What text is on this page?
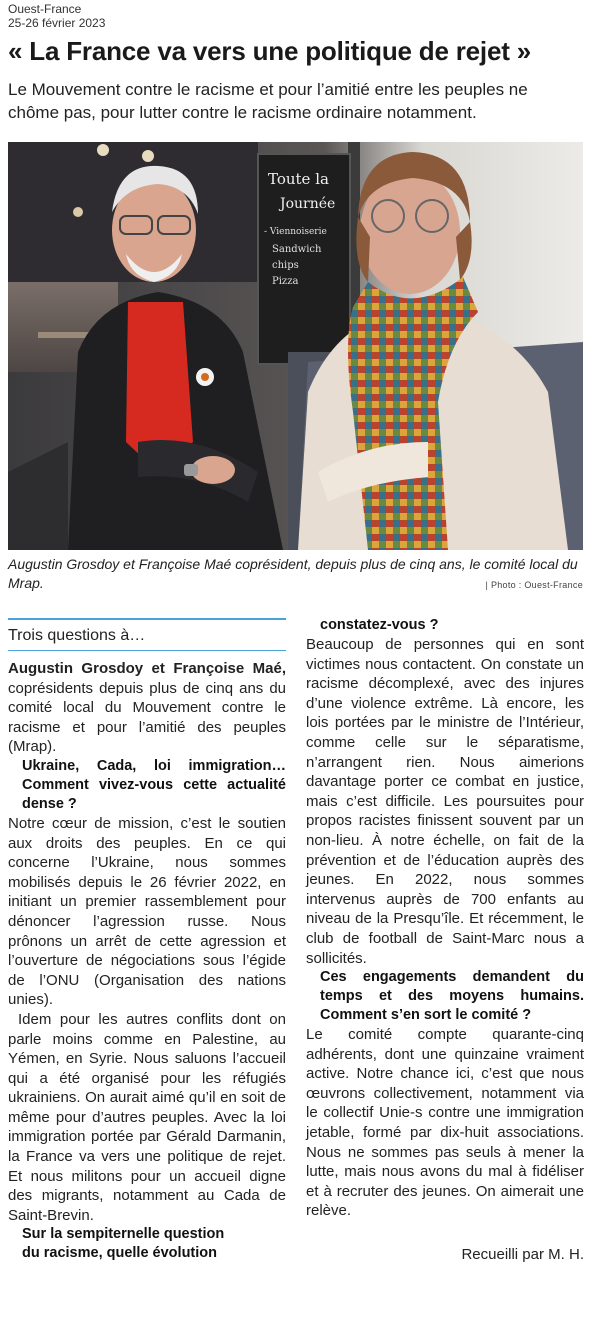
Ouest-France
25-26 février 2023
« La France va vers une politique de rejet »

Le Mouvement contre le racisme et pour l’amitié entre les peuples ne chôme pas, pour lutter contre le racisme ordinaire notamment.

Toute la
Journée
- Viennoiserie
Sandwich
chips
Pizza

Augustin Grosdoy et Françoise Maé coprésident, depuis plus de cinq ans, le comité local du Mrap.	| Photo : Ouest-France
Trois questions à…

Augustin Grosdoy et Françoise Maé, coprésidents depuis plus de cinq ans du comité local du Mouvement contre le racisme et pour l’amitié des peuples (Mrap).

Ukraine, Cada, loi immigration… Comment vivez-vous cette actualité dense ?

Notre cœur de mission, c’est le soutien aux droits des peuples. En ce qui concerne l’Ukraine, nous sommes mobilisés depuis le 26 février 2022, en initiant un premier rassemblement pour dénoncer l’agression russe. Nous prônons un arrêt de cette agression et l’ouverture de négociations sous l’égide de l’ONU (Organisation des nations unies).

Idem pour les autres conflits dont on parle moins comme en Palestine, au Yémen, en Syrie. Nous saluons l’accueil qui a été organisé pour les réfugiés ukrainiens. On aurait aimé qu’il en soit de même pour d’autres peuples. Avec la loi immigration portée par Gérald Darmanin, la France va vers une politique de rejet. Et nous militons pour un accueil digne des migrants, notamment au Cada de Saint-Brevin.

Sur la sempiternelle question
du racisme, quelle évolution

constatez-vous ?

Beaucoup de personnes qui en sont victimes nous contactent. On constate un racisme décomplexé, avec des injures d’une violence extrême. Là encore, les lois portées par le ministre de l’Intérieur, comme celle sur le séparatisme, n’arrangent rien. Nous aimerions davantage porter ce combat en justice, mais c’est difficile. Les poursuites pour propos racistes finissent souvent par un non-lieu. À notre échelle, on fait de la prévention et de l’éducation auprès des jeunes. En 2022, nous sommes intervenus auprès de 700 enfants au niveau de la Presqu’île. Et récemment, le club de football de Saint-Marc nous a sollicités.

Ces engagements demandent du temps et des moyens humains. Comment s’en sort le comité ?

Le comité compte quarante-cinq adhérents, dont une quinzaine vraiment active. Notre chance ici, c’est que nous œuvrons collectivement, notamment via le collectif Unie-s contre une immigration jetable, formé par dix-huit associations. Nous ne sommes pas seuls à mener la lutte, mais nous avons du mal à fidéliser et à recruter des jeunes. On aimerait une relève.

Recueilli par M. H.
